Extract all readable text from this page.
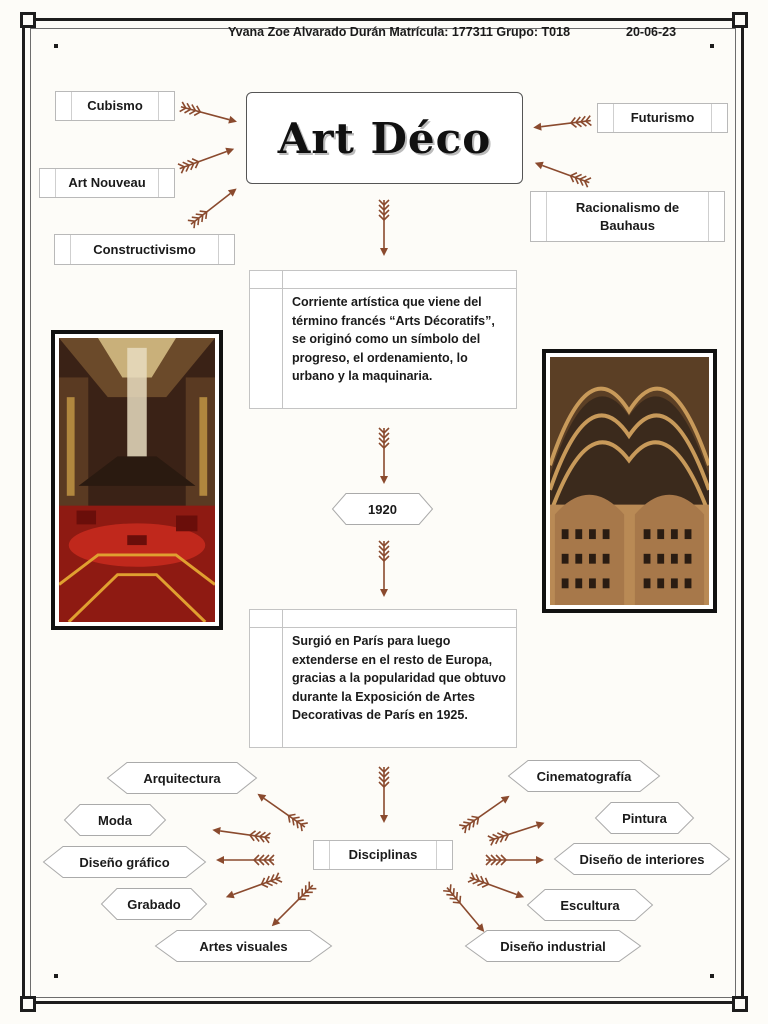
Yvana Zoe Alvarado Durán Matrícula: 177311 Grupo: T018	20-06-23
Art Déco
Cubismo
Art Nouveau
Constructivismo
Futurismo
Racionalismo de Bauhaus
Corriente artística que viene del término francés “Arts Décoratifs”, se originó como un símbolo del progreso, el ordenamiento, lo urbano y la maquinaria.
1920
Surgió en París para luego extenderse en el resto de Europa, gracias a la popularidad que obtuvo durante la Exposición de Artes Decorativas de París en 1925.
Disciplinas
Arquitectura
Moda
Diseño gráfico
Grabado
Artes visuales
Cinematografía
Pintura
Diseño de interiores
Escultura
Diseño industrial
